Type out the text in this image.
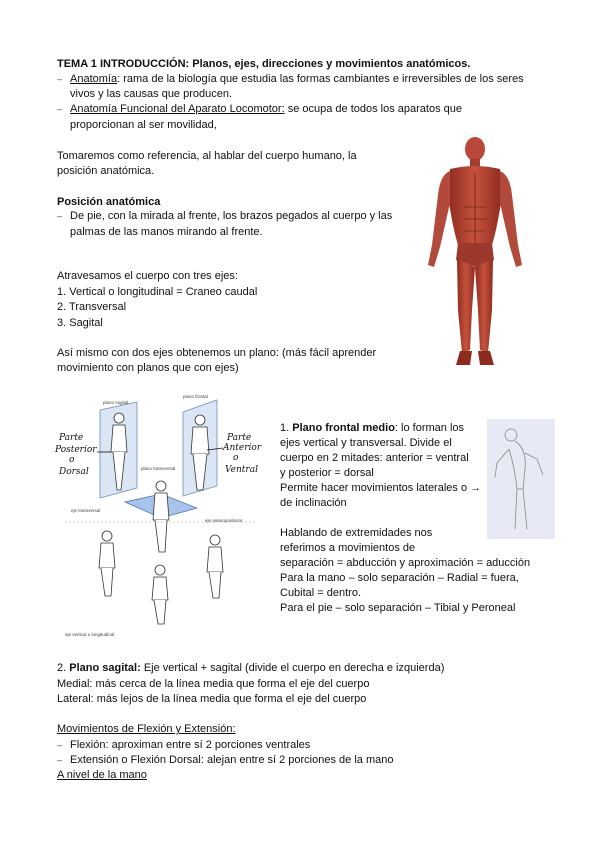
TEMA 1 INTRODUCCIÓN: Planos, ejes, direcciones y movimientos anatómicos.
– Anatomía: rama de la biología que estudia las formas cambiantes e irreversibles de los seres
vivos y las causas que producen.
– Anatomía Funcional del Aparato Locomotor: se ocupa de todos los aparatos que
proporcionan al ser movilidad,
Tomaremos como referencia, al hablar del cuerpo humano, la
posición anatómica.
Posición anatómica
– De pie, con la mirada al frente, los brazos pegados al cuerpo y las
palmas de las manos mirando al frente.
Atravesamos el cuerpo con tres ejes:
1. Vertical o longitudinal = Craneo caudal
2. Transversal
3. Sagital
Así mismo con dos ejes obtenemos un plano: (más fácil aprender
movimiento con planos que con ejes)
plano sagital
plano frontal
plano transversal
eje transversal
eje anteroposterior
eje vertical o longitudinal
Parte
Posterior
o
Dorsal
Parte
Anterior
o
Ventral
1. Plano frontal medio: lo forman los
ejes vertical y transversal. Divide el
cuerpo en 2 mitades: anterior = ventral
y posterior = dorsal
Permite hacer movimientos laterales o →
de inclinación
Hablando de extremidades nos
referimos a movimientos de
separación = abducción y aproximación = aducción
Para la mano – solo separación – Radial = fuera,
Cubital = dentro.
Para el pie – solo separación – Tibial y Peroneal
2. Plano sagital: Eje vertical + sagital (divide el cuerpo en derecha e izquierda)
Medial: más cerca de la línea media que forma el eje del cuerpo
Lateral: más lejos de la línea media que forma el eje del cuerpo
Movimientos de Flexión y Extensión:
– Flexión: aproximan entre sí 2 porciones ventrales
– Extensión o Flexión Dorsal: alejan entre sí 2 porciones de la mano
A nivel de la mano
